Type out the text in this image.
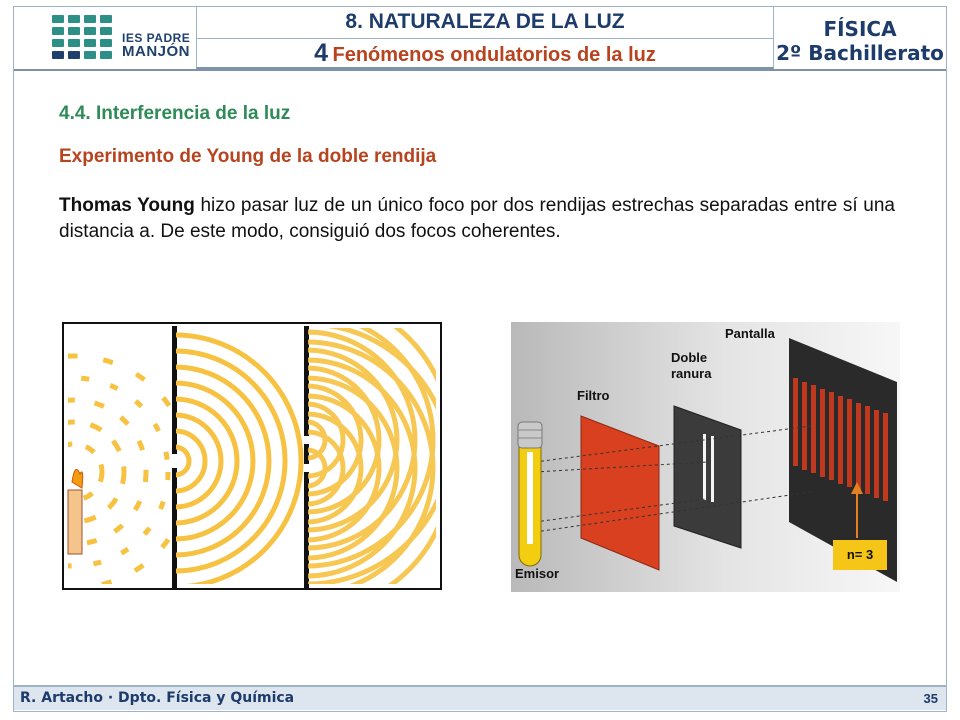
IES PADRE
MANJÓN
8. NATURALEZA DE LA LUZ
4 Fenómenos ondulatorios de la luz
FÍSICA
2º Bachillerato
4.4. Interferencia de la luz
Experimento de Young de la doble rendija
Thomas Young hizo pasar luz de un único foco por dos rendijas estrechas separadas entre sí una distancia a. De este modo, consiguió dos focos coherentes.
Pantalla
Doble
ranura
Filtro
Emisor
n= 3
R. Artacho · Dpto. Física y Química	35
